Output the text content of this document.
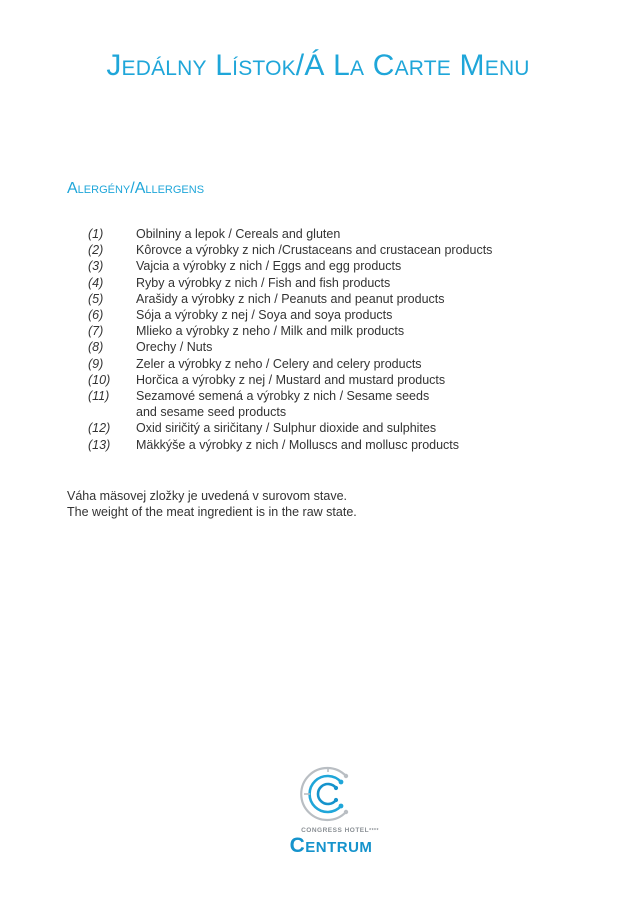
Jedálny Lístok/Á La Carte Menu
Alergény/Allergens
(1)	Obilniny a lepok / Cereals and gluten
(2)	Kôrovce a výrobky z nich /Crustaceans and crustacean products
(3)	Vajcia a výrobky z nich / Eggs and egg products
(4)	Ryby a výrobky z nich / Fish and fish products
(5)	Arašidy a výrobky z nich / Peanuts and peanut products
(6)	Sója a výrobky z nej / Soya and soya products
(7)	Mlieko a výrobky z neho / Milk and milk products
(8)	Orechy / Nuts
(9)	Zeler a výrobky z neho / Celery and celery products
(10)	Horčica a výrobky z nej / Mustard and mustard products
(11)	Sezamové semená a výrobky z nich / Sesame seeds
and sesame seed products
(12)	Oxid siričitý a siričitany / Sulphur dioxide and sulphites
(13)	Mäkkýše a výrobky z nich / Molluscs and mollusc products

Váha mäsovej zložky je uvedená v surovom stave.
The weight of the meat ingredient is in the raw state.

CONGRESS HOTEL****
Centrum
